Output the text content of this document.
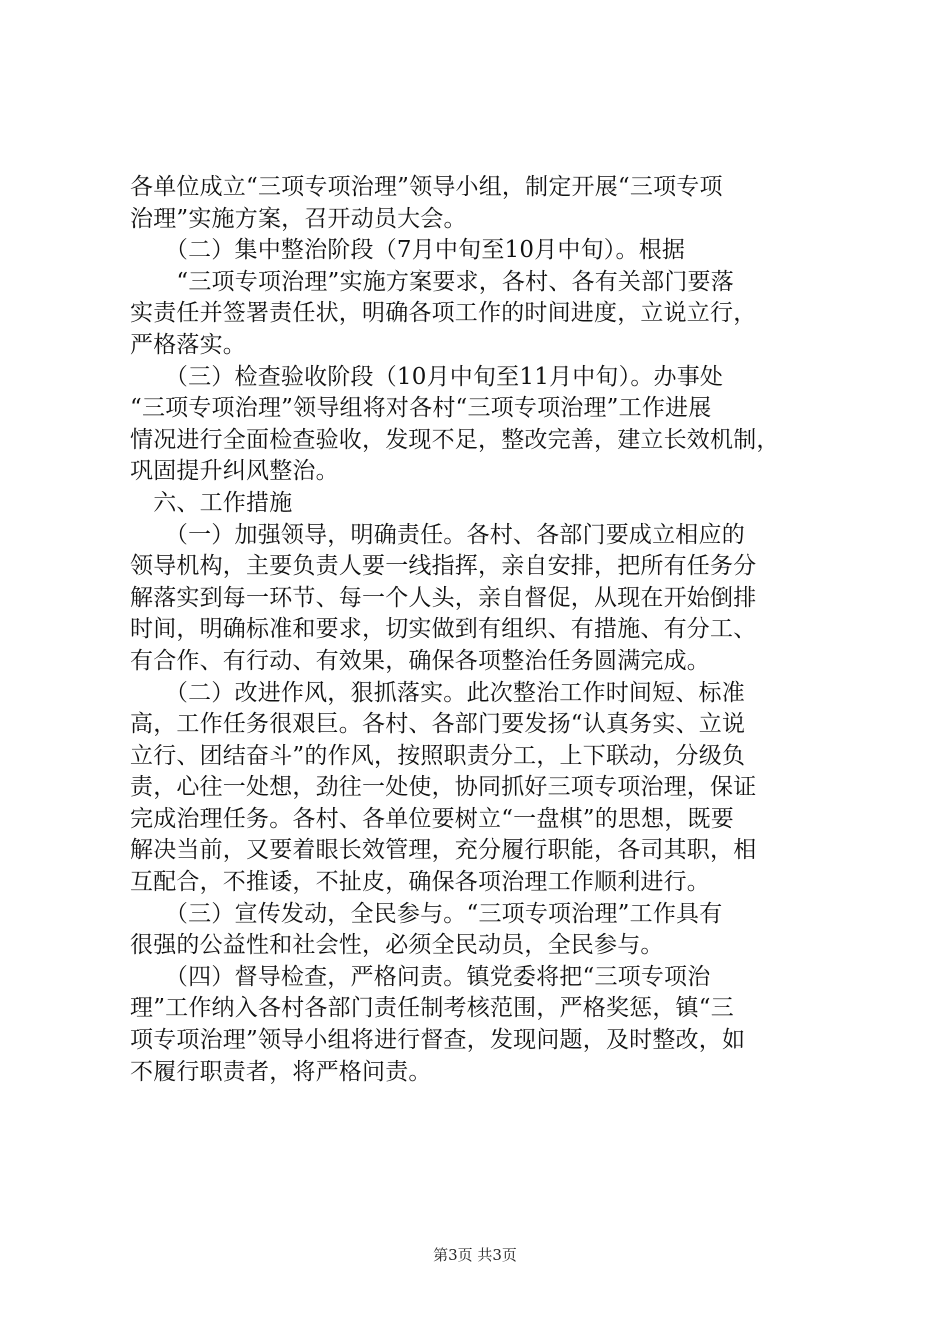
各单位成立“三项专项治理”领导小组，制定开展“三项专项
治理”实施方案，召开动员大会。
　　（二）集中整治阶段（7月中旬至10月中旬）。根据
　　“三项专项治理”实施方案要求，各村、各有关部门要落
实责任并签署责任状，明确各项工作的时间进度，立说立行，
严格落实。
　　（三）检查验收阶段（10月中旬至11月中旬）。办事处
“三项专项治理”领导组将对各村“三项专项治理”工作进展
情况进行全面检查验收，发现不足，整改完善，建立长效机制，
巩固提升纠风整治。
　六、工作措施
　　（一）加强领导，明确责任。各村、各部门要成立相应的
领导机构，主要负责人要一线指挥，亲自安排，把所有任务分
解落实到每一环节、每一个人头，亲自督促，从现在开始倒排
时间，明确标准和要求，切实做到有组织、有措施、有分工、
有合作、有行动、有效果，确保各项整治任务圆满完成。
　　（二）改进作风，狠抓落实。此次整治工作时间短、标准
高，工作任务很艰巨。各村、各部门要发扬“认真务实、立说
立行、团结奋斗”的作风，按照职责分工，上下联动，分级负
责，心往一处想，劲往一处使，协同抓好三项专项治理，保证
完成治理任务。各村、各单位要树立“一盘棋”的思想，既要
解决当前，又要着眼长效管理，充分履行职能，各司其职，相
互配合，不推诿，不扯皮，确保各项治理工作顺利进行。
　　（三）宣传发动，全民参与。“三项专项治理”工作具有
很强的公益性和社会性，必须全民动员，全民参与。
　　（四）督导检查，严格问责。镇党委将把“三项专项治
理”工作纳入各村各部门责任制考核范围，严格奖惩，镇“三
项专项治理”领导小组将进行督查，发现问题，及时整改，如
不履行职责者，将严格问责。
第3页 共3页
